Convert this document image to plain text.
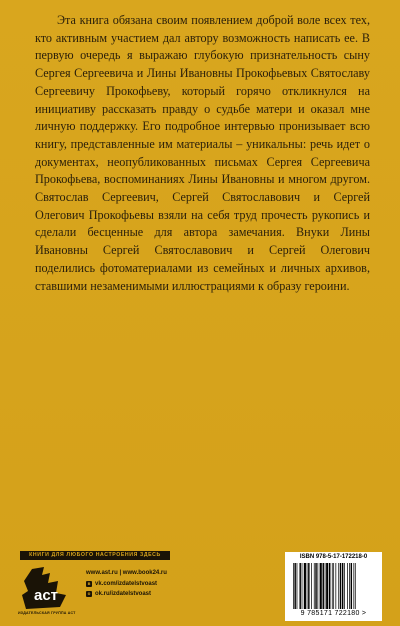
Эта книга обязана своим появлением доброй воле всех тех, кто активным участием дал автору возможность написать ее. В первую очередь я выражаю глубокую признательность сыну Сергея Сергеевича и Лины Ивановны Прокофьевых Святославу Сергеевичу Прокофьеву, который горячо откликнулся на инициативу рассказать правду о судьбе матери и оказал мне личную поддержку. Его подробное интервью пронизывает всю книгу, представленные им материалы – уникальны: речь идет о документах, неопубликованных письмах Сергея Сергеевича Прокофьева, воспоминаниях Лины Ивановны и многом другом. Святослав Сергеевич, Сергей Святославович и Сергей Олегович Прокофьевы взяли на себя труд прочесть рукопись и сделали бесценные для автора замечания. Внуки Лины Ивановны Сергей Святославович и Сергей Олегович поделились фотоматериалами из семейных и личных архивов, ставшими незаменимыми иллюстрациями к образу героини.

КНИГИ ДЛЯ ЛЮБОГО НАСТРОЕНИЯ ЗДЕСЬ
аст
ИЗДАТЕЛЬСКАЯ ГРУППА АСТ
www.ast.ru | www.book24.ru
в vk.com/izdatelstvoast
о ok.ru/izdatelstvoast
ISBN 978-5-17-172218-0
9 785171 722180 >
